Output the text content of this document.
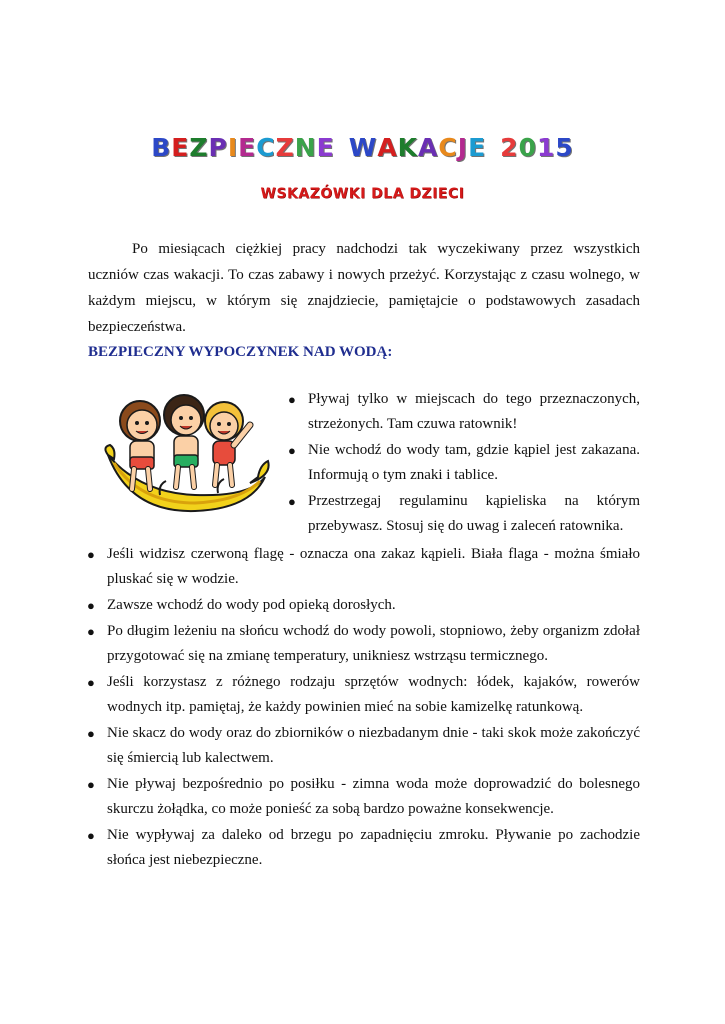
BEZPIECZNE WAKACJE 2015
WSKAZÓWKI DLA DZIECI

Po miesiącach ciężkiej pracy nadchodzi tak wyczekiwany przez wszystkich uczniów czas wakacji. To czas zabawy i nowych przeżyć. Korzystając z czasu wolnego, w każdym miejscu, w którym się znajdziecie, pamiętajcie o podstawowych zasadach bezpieczeństwa.

BEZPIECZNY WYPOCZYNEK NAD WODĄ:

● Pływaj tylko w miejscach do tego przeznaczonych, strzeżonych. Tam czuwa ratownik!
● Nie wchodź do wody tam, gdzie kąpiel jest zakazana. Informują o tym znaki i tablice.
● Przestrzegaj regulaminu kąpieliska na którym przebywasz. Stosuj się do uwag i zaleceń ratownika.
● Jeśli widzisz czerwoną flagę - oznacza ona zakaz kąpieli. Biała flaga - można śmiało pluskać się w wodzie.
● Zawsze wchodź do wody pod opieką dorosłych.
● Po długim leżeniu na słońcu wchodź do wody powoli, stopniowo, żeby organizm zdołał przygotować się na zmianę temperatury, unikniesz wstrząsu termicznego.
● Jeśli korzystasz z różnego rodzaju sprzętów wodnych: łódek, kajaków, rowerów wodnych itp. pamiętaj, że każdy powinien mieć na sobie kamizelkę ratunkową.
● Nie skacz do wody oraz do zbiorników o niezbadanym dnie - taki skok może zakończyć się śmiercią lub kalectwem.
● Nie pływaj bezpośrednio po posiłku - zimna woda może doprowadzić do bolesnego skurczu żołądka, co może ponieść za sobą bardzo poważne konsekwencje.
● Nie wypływaj za daleko od brzegu po zapadnięciu zmroku. Pływanie po zachodzie słońca jest niebezpieczne.
